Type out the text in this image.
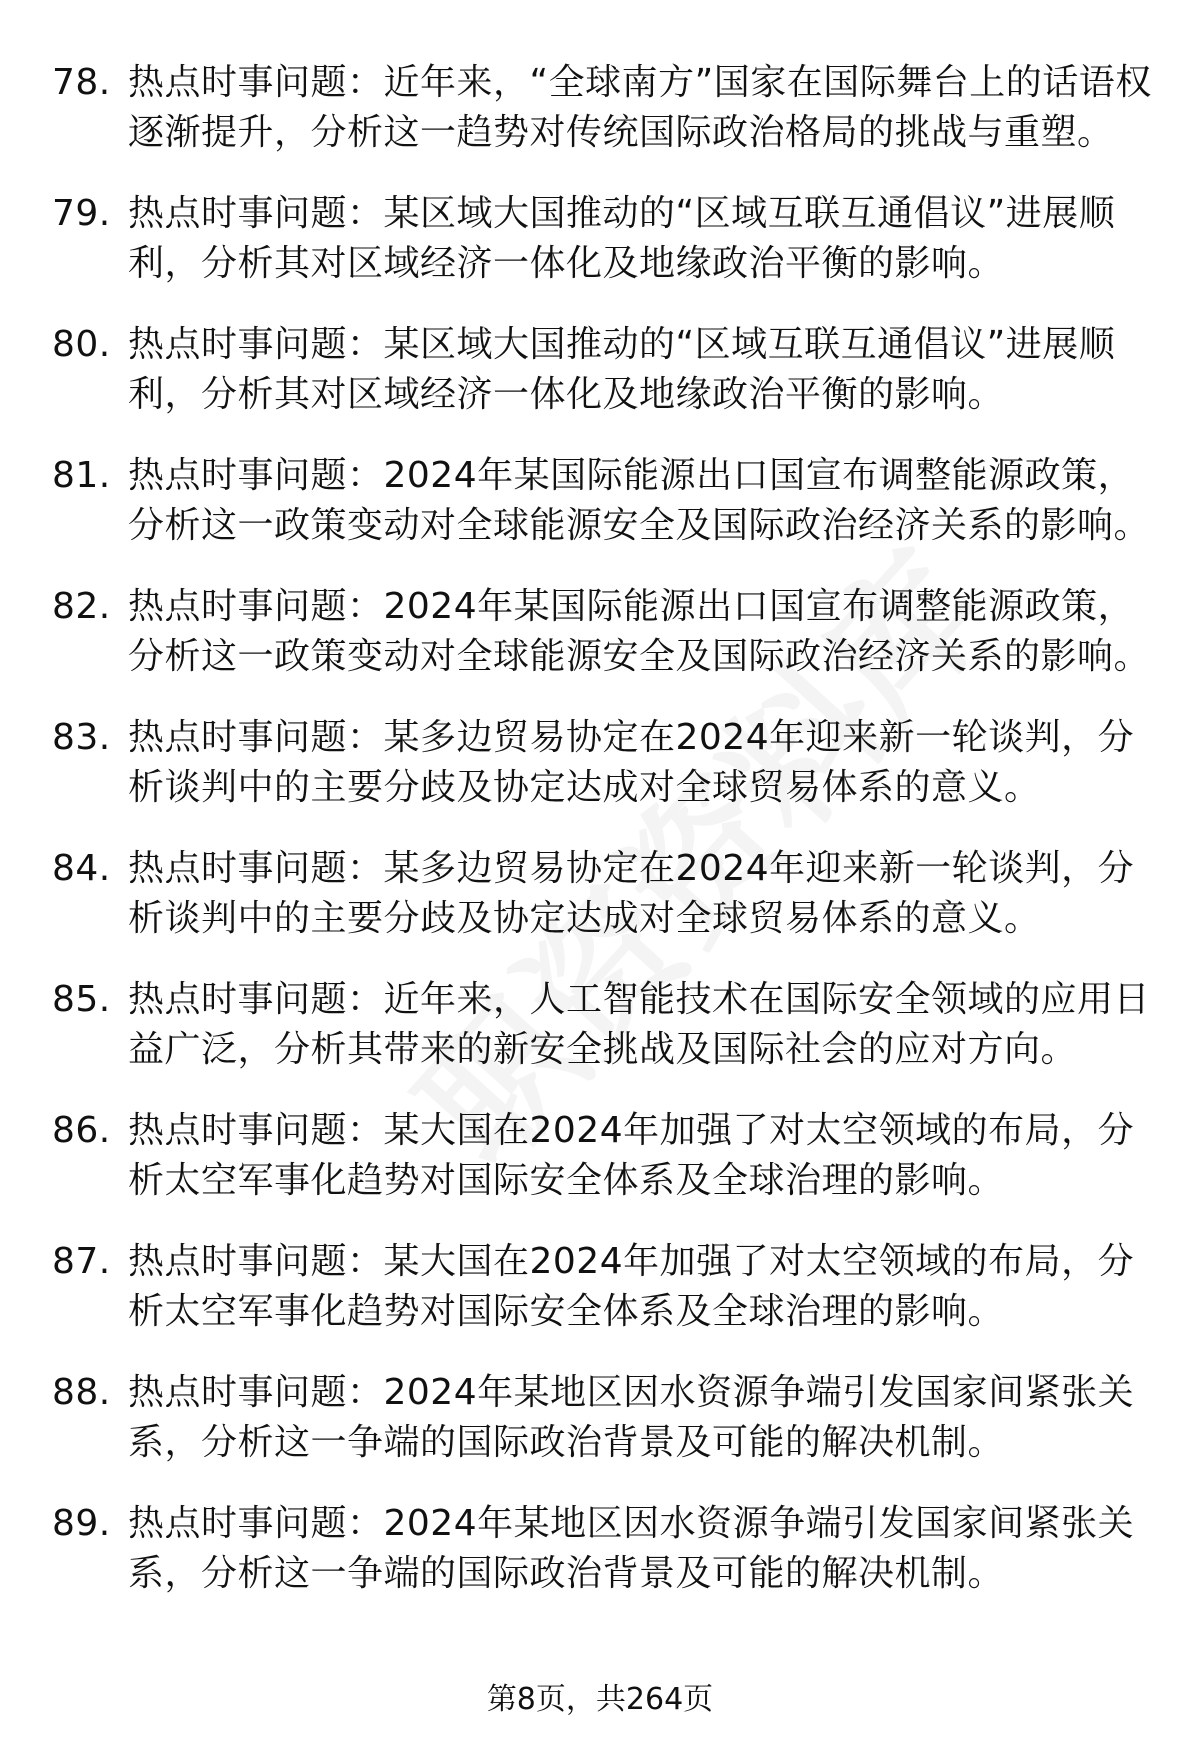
78. 热点时事问题：近年来，“全球南方”国家在国际舞台上的话语权逐渐提升，分析这一趋势对传统国际政治格局的挑战与重塑。
79. 热点时事问题：某区域大国推动的“区域互联互通倡议”进展顺利，分析其对区域经济一体化及地缘政治平衡的影响。
80. 热点时事问题：某区域大国推动的“区域互联互通倡议”进展顺利，分析其对区域经济一体化及地缘政治平衡的影响。
81. 热点时事问题：2024年某国际能源出口国宣布调整能源政策，分析这一政策变动对全球能源安全及国际政治经济关系的影响。
82. 热点时事问题：2024年某国际能源出口国宣布调整能源政策，分析这一政策变动对全球能源安全及国际政治经济关系的影响。
83. 热点时事问题：某多边贸易协定在2024年迎来新一轮谈判，分析谈判中的主要分歧及协定达成对全球贸易体系的意义。
84. 热点时事问题：某多边贸易协定在2024年迎来新一轮谈判，分析谈判中的主要分歧及协定达成对全球贸易体系的意义。
85. 热点时事问题：近年来，人工智能技术在国际安全领域的应用日益广泛，分析其带来的新安全挑战及国际社会的应对方向。
86. 热点时事问题：某大国在2024年加强了对太空领域的布局，分析太空军事化趋势对国际安全体系及全球治理的影响。
87. 热点时事问题：某大国在2024年加强了对太空领域的布局，分析太空军事化趋势对国际安全体系及全球治理的影响。
88. 热点时事问题：2024年某地区因水资源争端引发国家间紧张关系，分析这一争端的国际政治背景及可能的解决机制。
89. 热点时事问题：2024年某地区因水资源争端引发国家间紧张关系，分析这一争端的国际政治背景及可能的解决机制。
第8页，共264页
